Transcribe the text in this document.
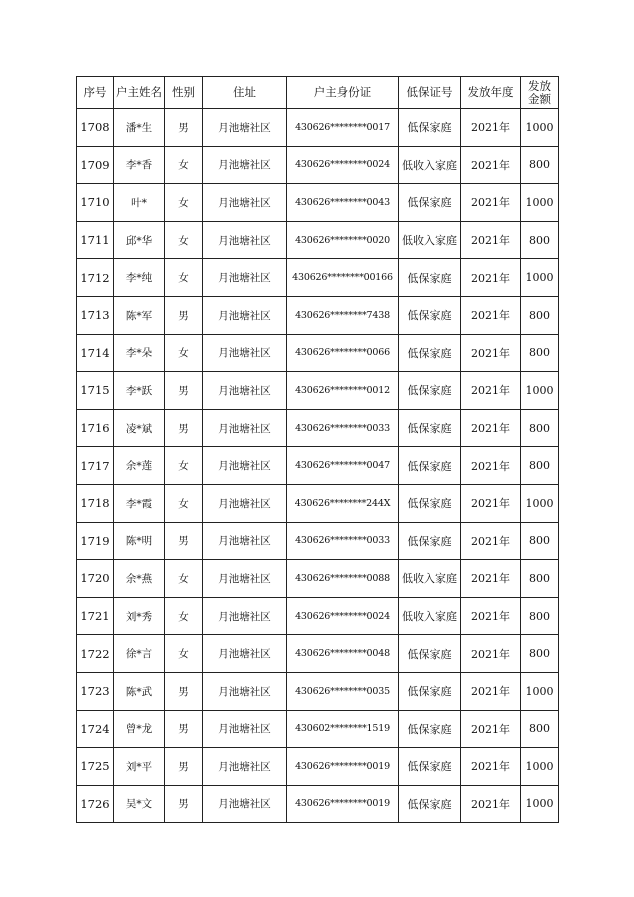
序号	户主姓名	性别	住址	户主身份证	低保证号	发放年度	发放金额
1708	潘*生	男	月池塘社区	430626********0017	低保家庭	2021年	1000
1709	李*香	女	月池塘社区	430626********0024	低收入家庭	2021年	800
1710	叶*	女	月池塘社区	430626********0043	低保家庭	2021年	1000
1711	邱*华	女	月池塘社区	430626********0020	低收入家庭	2021年	800
1712	李*纯	女	月池塘社区	430626********00166	低保家庭	2021年	1000
1713	陈*军	男	月池塘社区	430626********7438	低保家庭	2021年	800
1714	李*朵	女	月池塘社区	430626********0066	低保家庭	2021年	800
1715	李*跃	男	月池塘社区	430626********0012	低保家庭	2021年	1000
1716	凌*斌	男	月池塘社区	430626********0033	低保家庭	2021年	800
1717	余*莲	女	月池塘社区	430626********0047	低保家庭	2021年	800
1718	李*霞	女	月池塘社区	430626********244X	低保家庭	2021年	1000
1719	陈*明	男	月池塘社区	430626********0033	低保家庭	2021年	800
1720	余*燕	女	月池塘社区	430626********0088	低收入家庭	2021年	800
1721	刘*秀	女	月池塘社区	430626********0024	低收入家庭	2021年	800
1722	徐*言	女	月池塘社区	430626********0048	低保家庭	2021年	800
1723	陈*武	男	月池塘社区	430626********0035	低保家庭	2021年	1000
1724	曾*龙	男	月池塘社区	430602********1519	低保家庭	2021年	800
1725	刘*平	男	月池塘社区	430626********0019	低保家庭	2021年	1000
1726	吴*文	男	月池塘社区	430626********0019	低保家庭	2021年	1000
